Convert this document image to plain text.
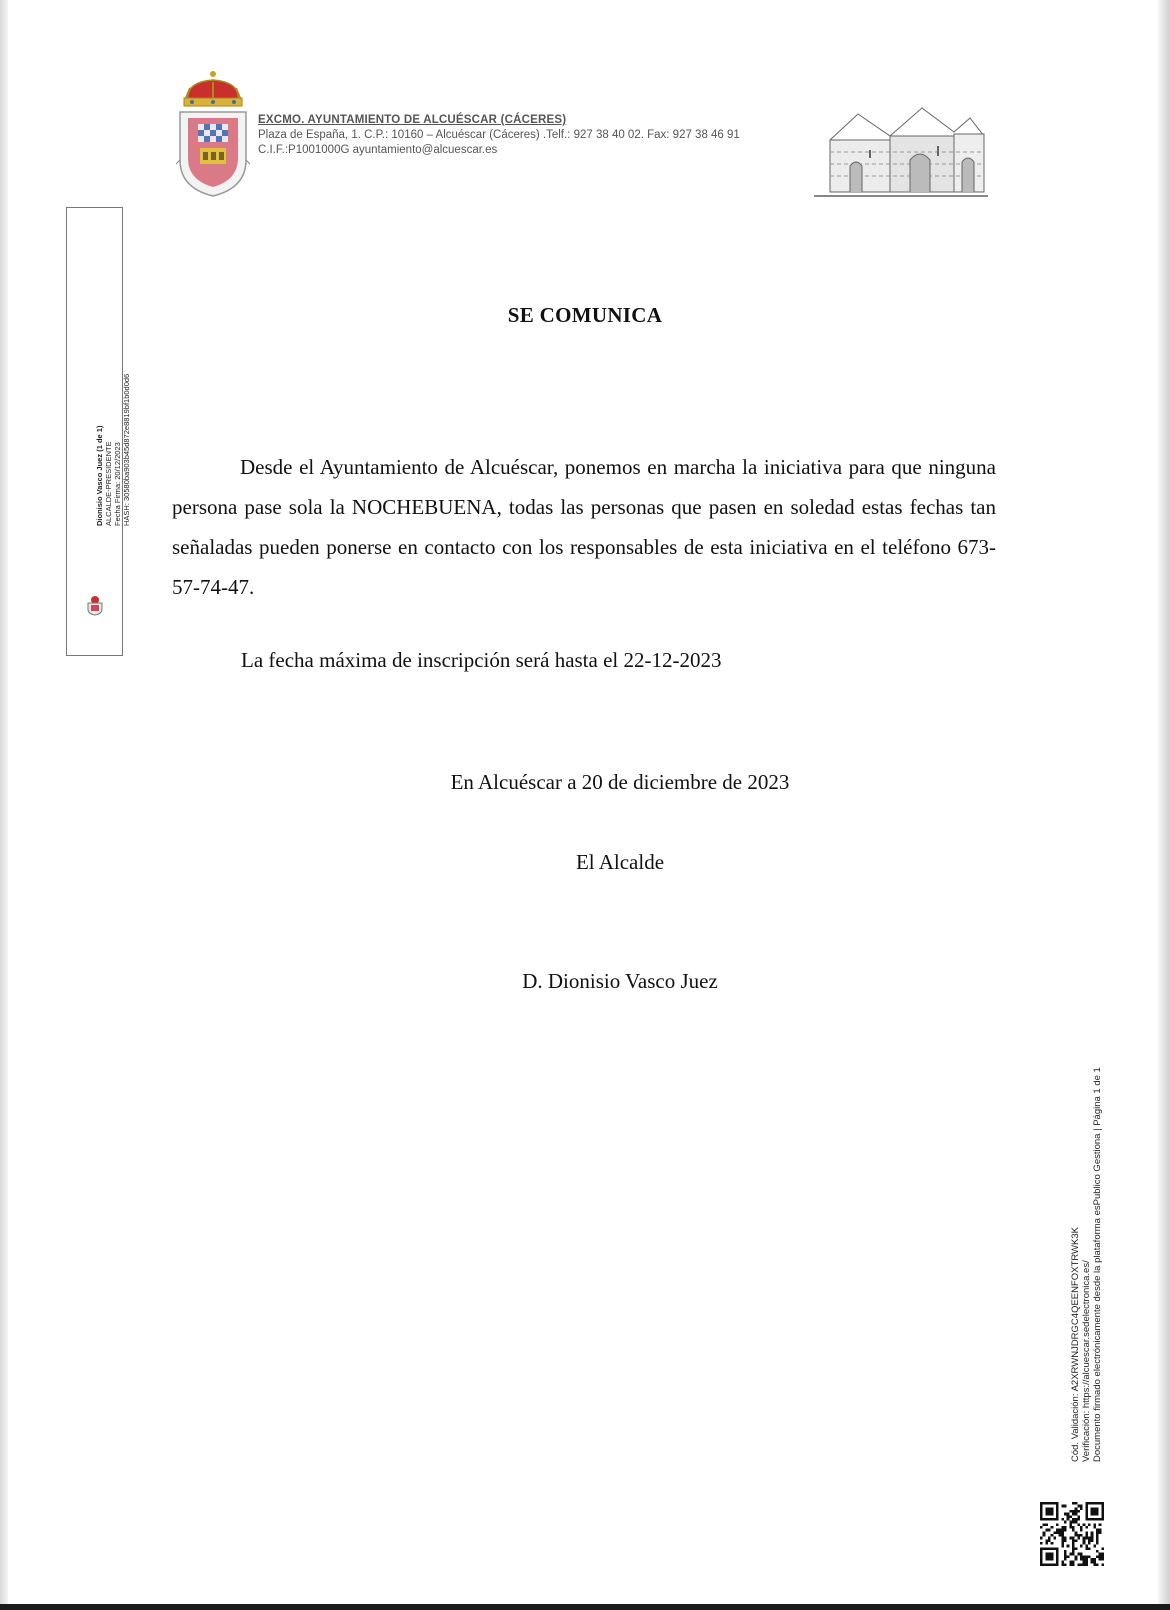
EXCMO. AYUNTAMIENTO DE ALCUÉSCAR (CÁCERES)
Plaza de España, 1. C.P.: 10160 – Alcuéscar (Cáceres) .Telf.: 927 38 40 02. Fax: 927 38 46 91
C.I.F.:P1001000G ayuntamiento@alcuescar.es
Dionisio Vasco Juez (1 de 1) ALCALDE-PRESIDENTE Fecha Firma: 20/12/2023 HASH: 30580ba903b45d872e8819bf1b0d0d6
SE COMUNICA
Desde el Ayuntamiento de Alcuéscar, ponemos en marcha la iniciativa para que ninguna persona pase sola la NOCHEBUENA, todas las personas que pasen en soledad estas fechas tan señaladas pueden ponerse en contacto con los responsables de esta iniciativa en el teléfono 673-57-74-47.
La fecha máxima de inscripción será hasta el 22-12-2023
En Alcuéscar a 20 de diciembre de 2023
El Alcalde
D. Dionisio Vasco Juez
Cód. Validación: A2XRWNJDRGC4QEENFOXTRWK3K Verificación: https://alcuescar.sedelectronica.es/ Documento firmado electrónicamente desde la plataforma esPublico Gestiona | Página 1 de 1
